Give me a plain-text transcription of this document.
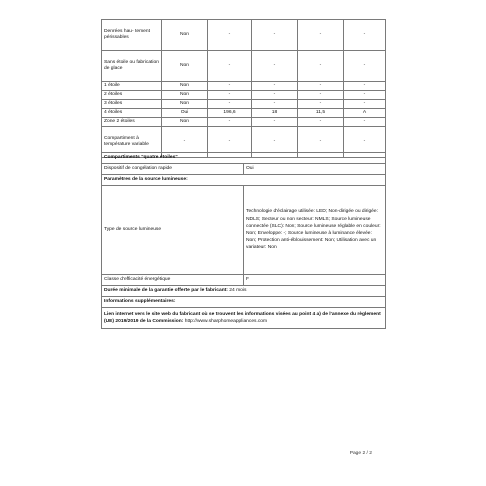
Denrées hau- tement périssables	Non	-	-	-	-
Sans étoile ou fabrication de glace	Non	-	-	-	-
1 étoile	Non	-	-	-	-
2 étoiles	Non	-	-	-	-
3 étoiles	Non	-	-	-	-
4 étoiles	Oui	196,6	18	11,5	A
Zone 2 étoiles	Non	-	-	-	-
Compartiment à température variable	-	-	-	-	-
Compartiments "quatre étoiles"	
Dispositif de congélation rapide	Oui
Paramètres de la source lumineuse:	
Type de source lumineuse	Technologie d'éclairage utilisée: LED; Non-dirigée ou dirigée: NDLS; Secteur ou non secteur: NMLS; Source lumineuse connectée (SLC): Non; Source lumineuse réglable en couleur: Non; Enveloppe: -; Source lumineuse à luminance élevée: Non; Protection anti-éblouissement: Non; Utilisation avec un variateur: Non
Classe d'efficacité énergétique	F
Durée minimale de la garantie offerte par le fabricant: 24 mois	
Informations supplémentaires:	
Lien internet vers le site web du fabricant où se trouvent les informations visées au point 4 a) de l'annexe du règlement (UE) 2019/2019 de la Commission: http://www.sharphomeappliances.com	
Page 2 / 2
